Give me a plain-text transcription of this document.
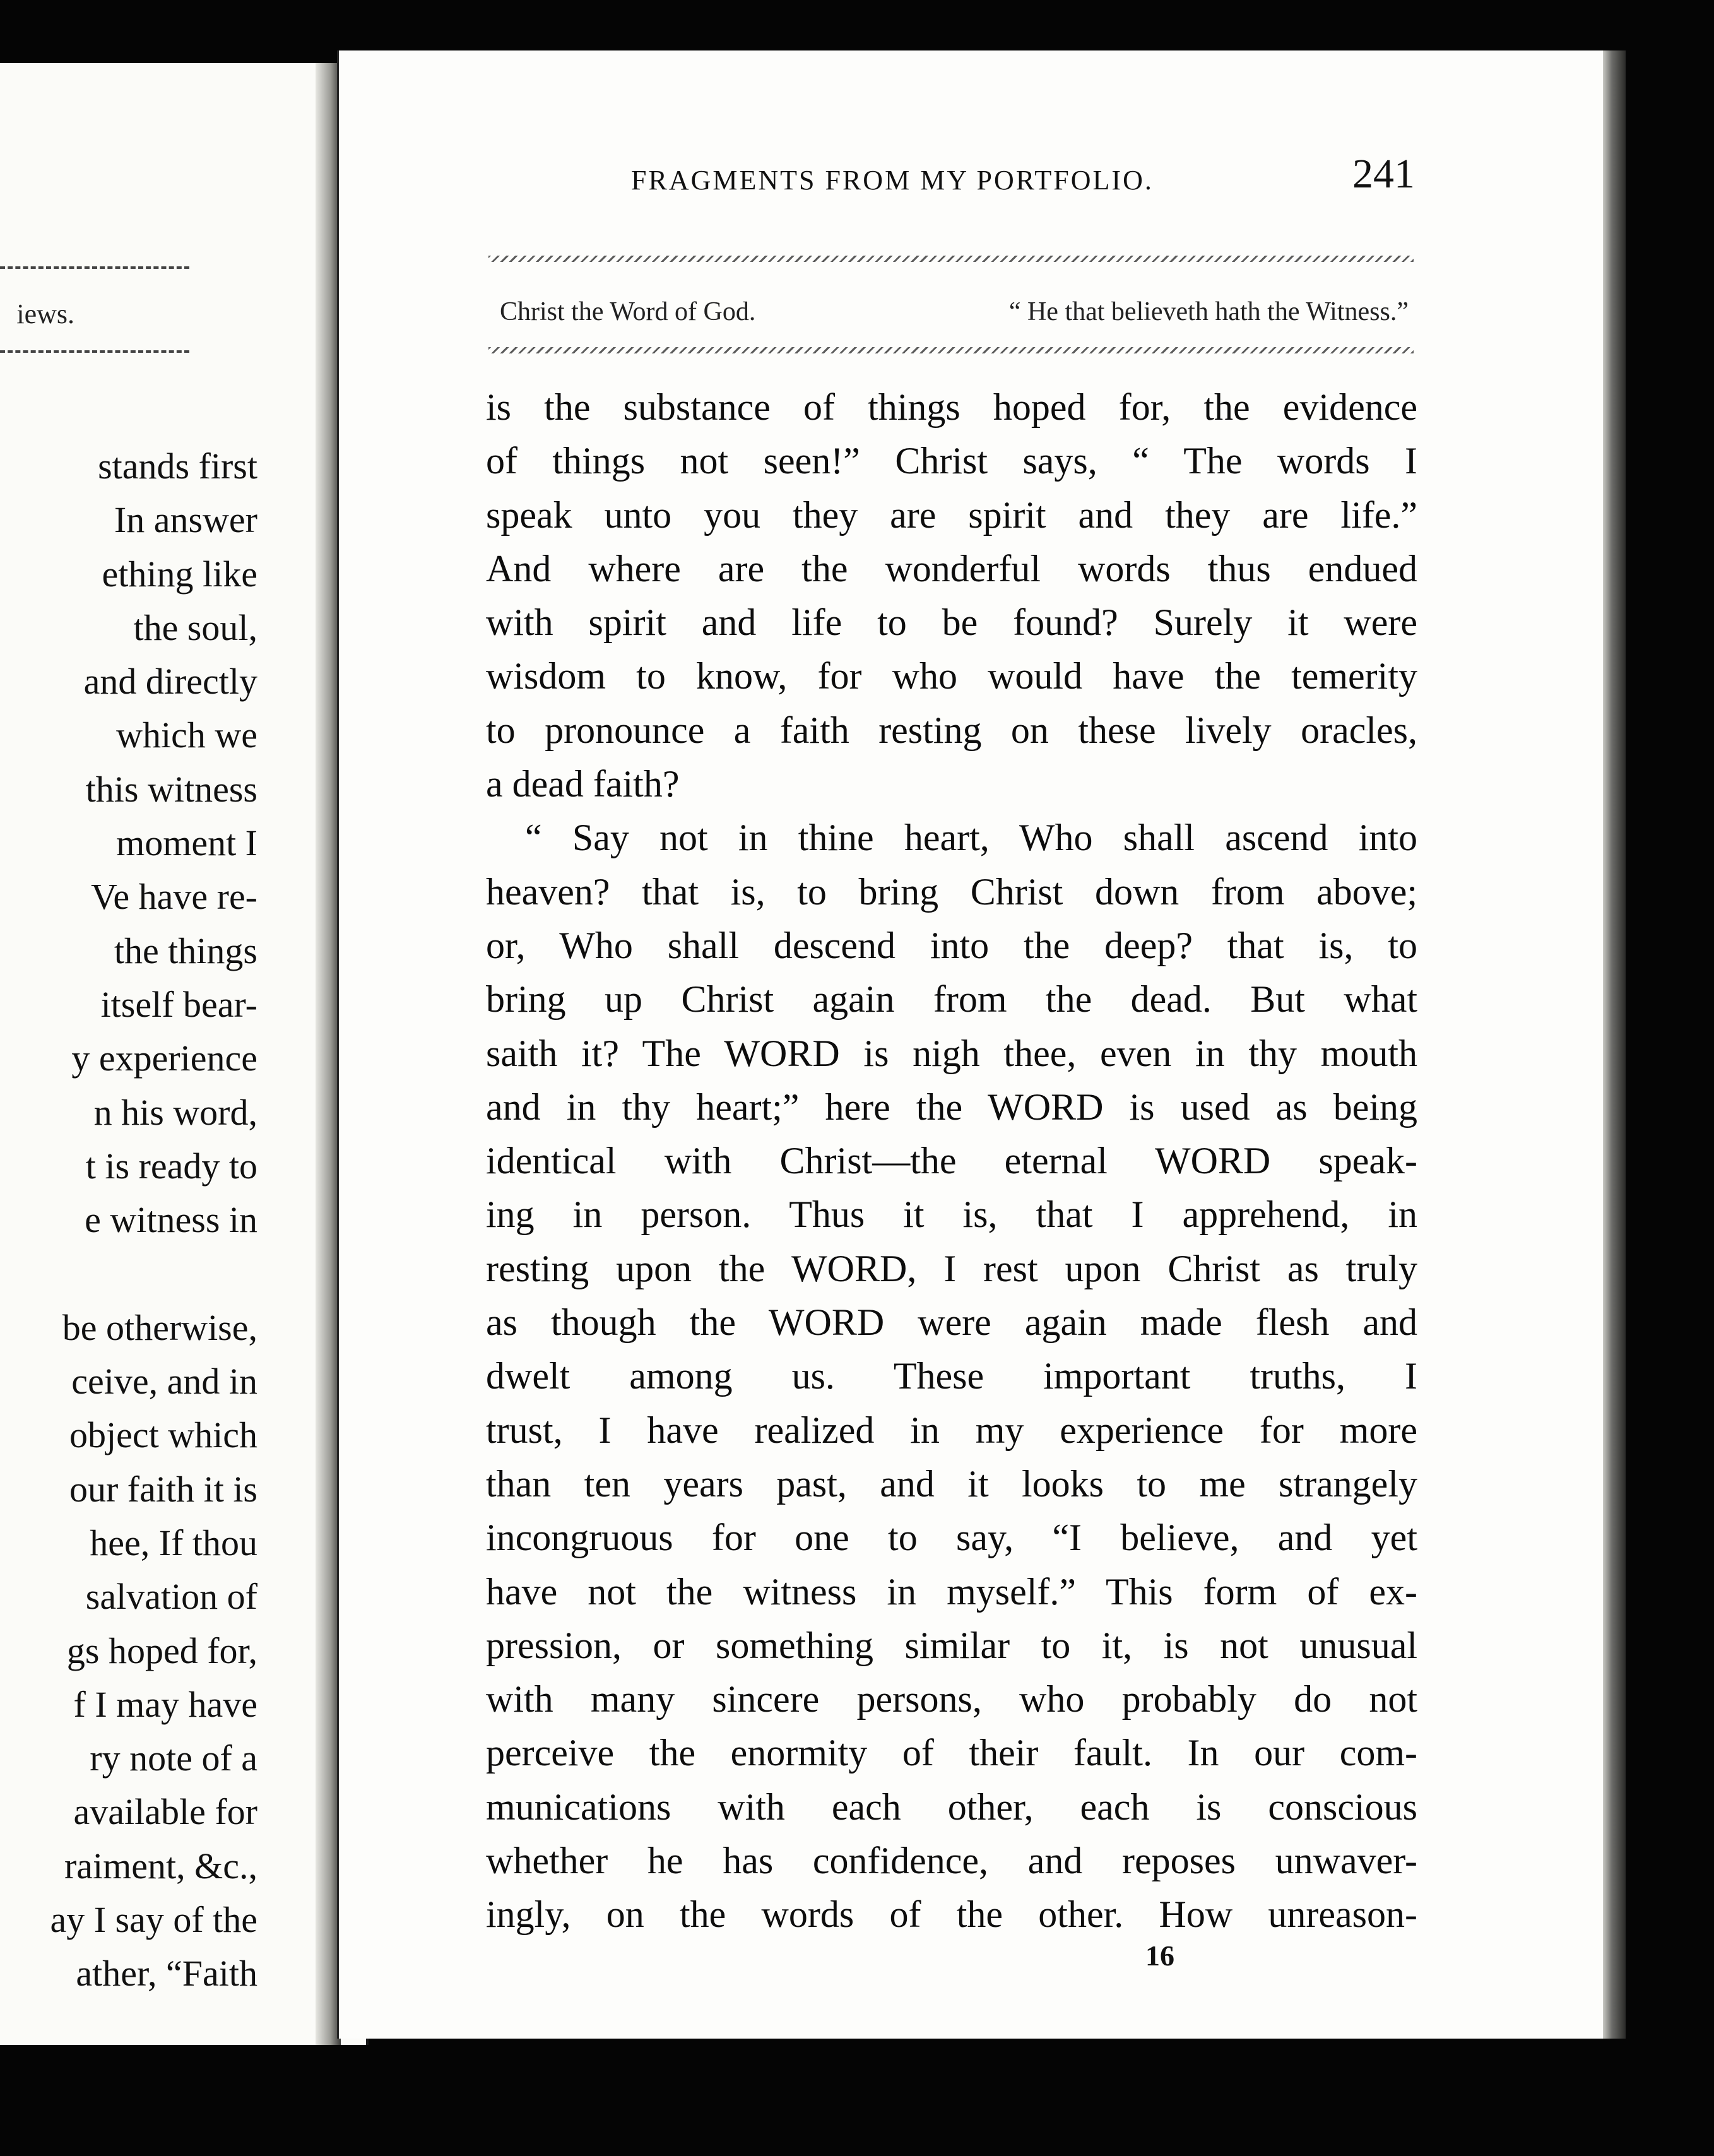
iews.
stands first
In answer
ething like
the soul,
and directly
which we
this witness
moment I
Ve have re-
the things
itself bear-
y experience
n his word,
t is ready to
e witness in

be otherwise,
ceive, and in
object which
our faith it is
hee, If thou
salvation of
gs hoped for,
f I may have
ry note of a
available for
raiment, &c.,
ay I say of the
ather, “Faith
FRAGMENTS FROM MY PORTFOLIO.	241
Christ the Word of God.	“ He that believeth hath the Witness.”
is the substance of things hoped for, the evidence
of things not seen!” Christ says, “ The words I
speak unto you they are spirit and they are life.”
And where are the wonderful words thus endued
with spirit and life to be found? Surely it were
wisdom to know, for who would have the temerity
to pronounce a faith resting on these lively oracles,
a dead faith?
“ Say not in thine heart, Who shall ascend into
heaven? that is, to bring Christ down from above;
or, Who shall descend into the deep? that is, to
bring up Christ again from the dead. But what
saith it? The WORD is nigh thee, even in thy mouth
and in thy heart;” here the WORD is used as being
identical with Christ—the eternal WORD speak-
ing in person. Thus it is, that I apprehend, in
resting upon the WORD, I rest upon Christ as truly
as though the WORD were again made flesh and
dwelt among us. These important truths, I
trust, I have realized in my experience for more
than ten years past, and it looks to me strangely
incongruous for one to say, “I believe, and yet
have not the witness in myself.” This form of ex-
pression, or something similar to it, is not unusual
with many sincere persons, who probably do not
perceive the enormity of their fault. In our com-
munications with each other, each is conscious
whether he has confidence, and reposes unwaver-
ingly, on the words of the other. How unreason-
16
